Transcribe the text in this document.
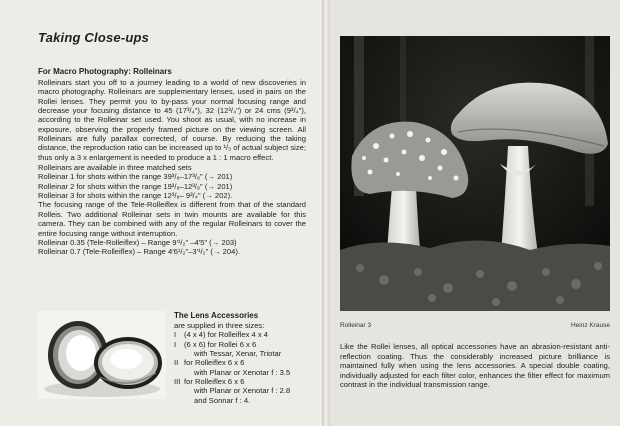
Taking Close-ups
For Macro Photography: Rolleinars

Rolleinars start you off to a journey leading to a world of new discoveries in macro photography. Rolleinars are supplementary lenses, used in pairs on the Rollei lenses. They permit you to by-pass your normal focusing range and decrease your focusing distance to 45 (17³/₄"), 32 (12³/₄") or 24 cms (9³/₄"), according to the Rolleinar set used. You shoot as usual, with no increase in exposure, observing the properly framed picture on the viewing screen. All Rolleinars are fully parallax corrected, of course. By reducing the taking distance, the reproduction ratio can be increased up to ¹/₃ of actual subject size; thus only a 3 x enlargement is needed to produce a 1 : 1 macro effect.

Rolleinars are available in three matched sets
Rolleinar 1 for shots within the range 39³/₈–17³/₈" (→ 201)
Rolleinar 2 for shots within the range 19³/₈–12³/₈" (→ 201)
Rolleinar 3 for shots within the range 12³/₈– 9³/₄" (→ 202).

The focusing range of the Tele-Rolleiflex is different from that of the standard Rolleis. Two additional Rolleinar sets in twin mounts are available for this camera. They can be combined with any of the regular Rolleinars to cover the entire focusing range without interruption.

Rolleinar 0.35 (Tele-Rolleiflex) – Range 9′¹/₂" –4′5" (→ 203)
Rolleinar 0.7 (Tele-Rolleiflex) – Range 4′6¹/₂"–3′¹/₂" (→ 204).
The Lens Accessories
are supplied in three sizes:
I (4 x 4) for Rolleiflex 4 x 4
I (6 x 6) for Rollei 6 x 6
with Tessar, Xenar, Triotar
II for Rolleiflex 6 x 6
with Planar or Xenotar f : 3.5
III for Rolleiflex 6 x 6
with Planar or Xenotar f : 2.8
and Sonnar f : 4.
Rolleinar 3	Heinz Krause

Like the Rollei lenses, all optical accessories have an abrasion-resistant anti-reflection coating. Thus the considerably increased picture brilliance is maintained fully when using the lens accessories. A special double coating, individually adjusted for each filter color, enhances the filter effect for maximum contrast in the individual transmission range.
